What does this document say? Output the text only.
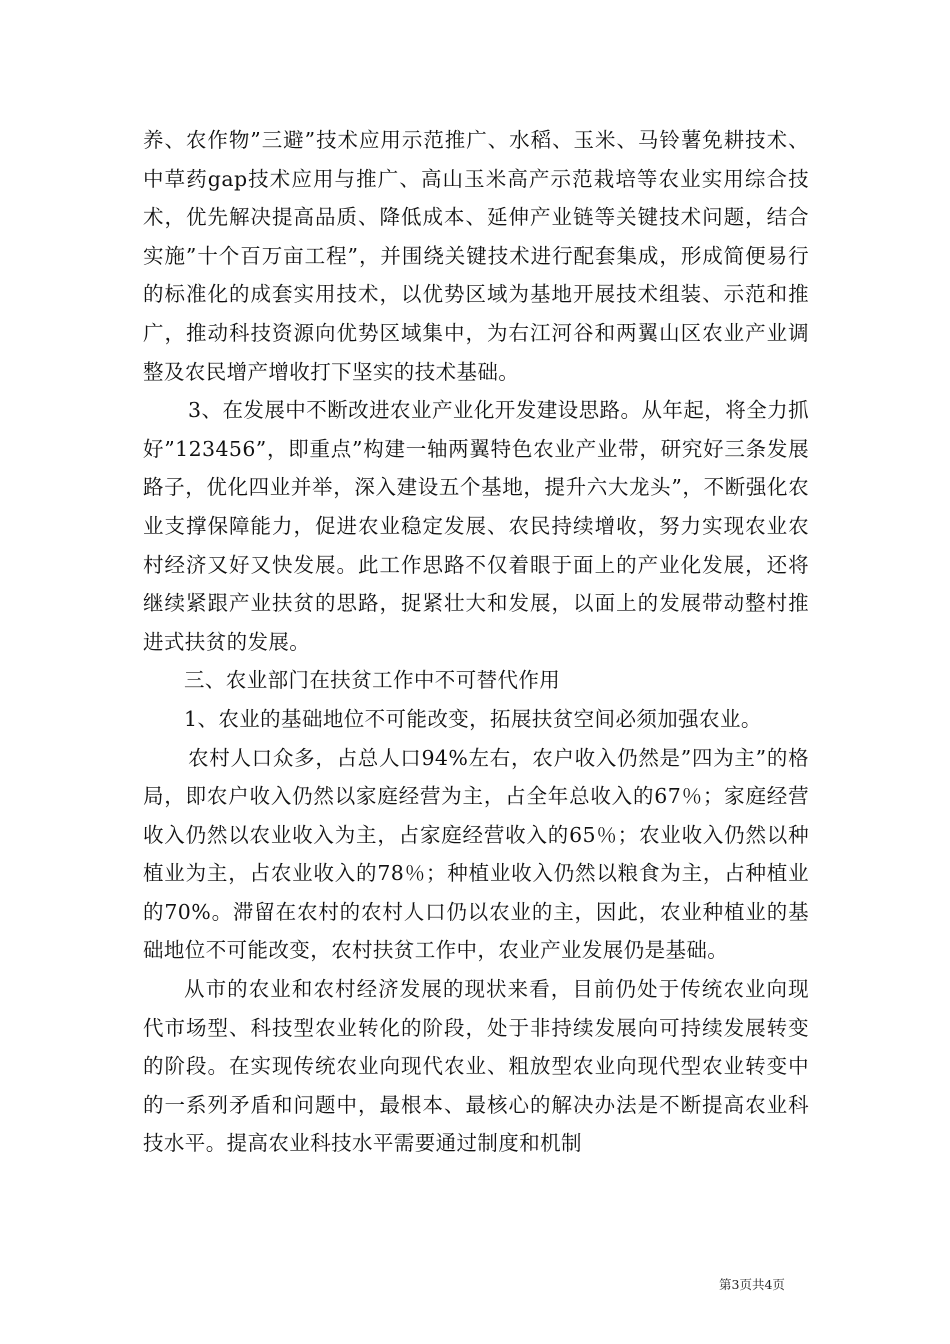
养、农作物”三避”技术应用示范推广、水稻、玉米、马铃薯免耕技术、中草药gap技术应用与推广、高山玉米高产示范栽培等农业实用综合技术，优先解决提高品质、降低成本、延伸产业链等关键技术问题，结合实施”十个百万亩工程”，并围绕关键技术进行配套集成，形成简便易行的标准化的成套实用技术，以优势区域为基地开展技术组装、示范和推广，推动科技资源向优势区域集中，为右江河谷和两翼山区农业产业调整及农民增产增收打下坚实的技术基础。

3、在发展中不断改进农业产业化开发建设思路。从年起，将全力抓好”123456”，即重点”构建一轴两翼特色农业产业带，研究好三条发展路子，优化四业并举，深入建设五个基地，提升六大龙头”，不断强化农业支撑保障能力，促进农业稳定发展、农民持续增收，努力实现农业农村经济又好又快发展。此工作思路不仅着眼于面上的产业化发展，还将继续紧跟产业扶贫的思路，捉紧壮大和发展，以面上的发展带动整村推进式扶贫的发展。

三、农业部门在扶贫工作中不可替代作用

1、农业的基础地位不可能改变，拓展扶贫空间必须加强农业。

农村人口众多，占总人口94%左右，农户收入仍然是”四为主”的格局，即农户收入仍然以家庭经营为主，占全年总收入的67％；家庭经营收入仍然以农业收入为主，占家庭经营收入的65％；农业收入仍然以种植业为主，占农业收入的78％；种植业收入仍然以粮食为主，占种植业的70%。滞留在农村的农村人口仍以农业的主，因此，农业种植业的基础地位不可能改变，农村扶贫工作中，农业产业发展仍是基础。

从市的农业和农村经济发展的现状来看，目前仍处于传统农业向现代市场型、科技型农业转化的阶段，处于非持续发展向可持续发展转变的阶段。在实现传统农业向现代农业、粗放型农业向现代型农业转变中的一系列矛盾和问题中，最根本、最核心的解决办法是不断提高农业科技水平。提高农业科技水平需要通过制度和机制

第3页共4页
